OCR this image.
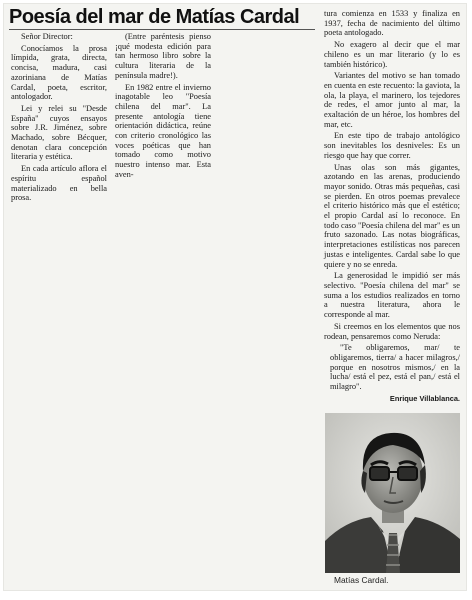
Poesía del mar de Matías Cardal

Señor Director:

Conocíamos la prosa límpida, grata, directa, concisa, madura, casi azoriniana de Matías Cardal, poeta, escritor, antologador.

Lei y relei su "Desde España" cuyos ensayos sobre J.R. Jiménez, sobre Machado, sobre Bécquer, denotan clara concepción literaria y estética.

En cada artículo aflora el espíritu español materializado en bella prosa.

(Entre paréntesis pienso ¡qué modesta edición para tan hermoso libro sobre la cultura literaria de la península madre!).

En 1982 entre el invierno inagotable leo "Poesía chilena del mar". La presente antología tiene orientación didáctica, reúne con criterio cronológico las voces poéticas que han tomado como motivo nuestro intenso mar. Esta aven-

tura comienza en 1533 y finaliza en 1937, fecha de nacimiento del último poeta antologado.

No exagero al decir que el mar chileno es un mar literario (y lo es también histórico).

Variantes del motivo se han tomado en cuenta en este recuento: la gaviota, la ola, la playa, el marinero, los tejedores de redes, el amor junto al mar, la exaltación de un héroe, los hombres del mar, etc.

En este tipo de trabajo antológico son inevitables los desniveles: Es un riesgo que hay que correr.

Unas olas son más gigantes, azotando en las arenas, produciendo mayor sonido. Otras más pequeñas, casi se pierden. En otros poemas prevalece el criterio histórico más que el estético; el propio Cardal así lo reconoce. En todo caso "Poesía chilena del mar" es un fruto sazonado. Las notas biográficas, interpretaciones estilísticas nos parecen justas e inteligentes. Cardal sabe lo que quiere y no se enreda.

La generosidad le impidió ser más selectivo. "Poesía chilena del mar" se suma a los estudios realizados en torno a nuestra literatura, ahora le corresponde al mar.

Si creemos en los elementos que nos rodean, pensaremos como Neruda:

"Te obligaremos, mar/ te obligaremos, tierra/ a hacer milagros,/ porque en nosotros mismos,/ en la lucha/ está el pez, está el pan,/ está el milagro".

Enrique Villablanca.

Matías Cardal.
